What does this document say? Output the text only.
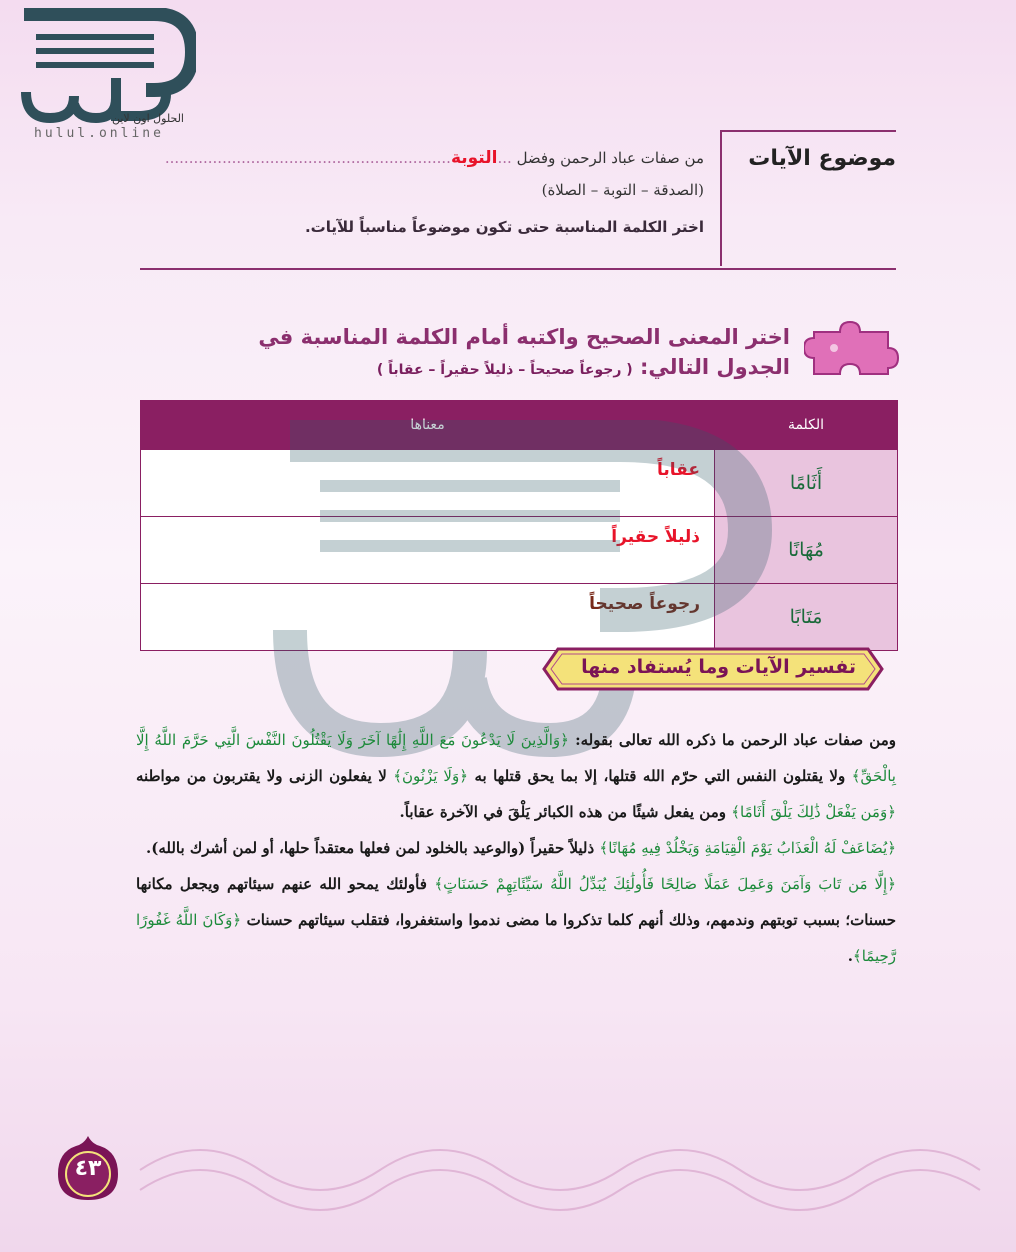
الحلول اون لاين
hulul.online
موضوع الآيات
من صفات عباد الرحمن وفضل ...التوبة............................................................
(الصدقة – التوبة – الصلاة)
اختر الكلمة المناسبة حتى تكون موضوعاً مناسباً للآيات.
اختر المعنى الصحيح واكتبه أمام الكلمة المناسبة في
الجدول التالي: ( رجوعاً صحيحاً – ذليلاً حقيراً – عقاباً )
الكلمة	معناها
أَثَامًا	عقاباً
مُهَانًا	ذليلاً حقيراً
مَتَابًا	رجوعاً صحيحاً
تفسير الآيات وما يُستفاد منها

ومن صفات عباد الرحمن ما ذكره الله تعالى بقوله: ﴿وَالَّذِينَ لَا يَدْعُونَ مَعَ اللَّهِ إِلَٰهًا آخَرَ وَلَا يَقْتُلُونَ النَّفْسَ الَّتِي حَرَّمَ اللَّهُ إِلَّا بِالْحَقِّ﴾ ولا يقتلون النفس التي حرّم الله قتلها، إلا بما يحق قتلها به ﴿وَلَا يَزْنُونَ﴾ لا يفعلون الزنى ولا يقتربون من مواطنه ﴿وَمَن يَفْعَلْ ذَٰلِكَ يَلْقَ أَثَامًا﴾ ومن يفعل شيئًا من هذه الكبائر يَلْقَ في الآخرة عقاباً.

﴿يُضَاعَفْ لَهُ الْعَذَابُ يَوْمَ الْقِيَامَةِ وَيَخْلُدْ فِيهِ مُهَانًا﴾ ذليلاً حقيراً (والوعيد بالخلود لمن فعلها معتقداً حلها، أو لمن أشرك بالله).

﴿إِلَّا مَن تَابَ وَآمَنَ وَعَمِلَ عَمَلًا صَالِحًا فَأُولَٰئِكَ يُبَدِّلُ اللَّهُ سَيِّئَاتِهِمْ حَسَنَاتٍ﴾ فأولئك يمحو الله عنهم سيئاتهم ويجعل مكانها حسنات؛ بسبب توبتهم وندمهم، وذلك أنهم كلما تذكروا ما مضى ندموا واستغفروا، فتقلب سيئاتهم حسنات ﴿وَكَانَ اللَّهُ غَفُورًا رَّحِيمًا﴾.

٤٣
